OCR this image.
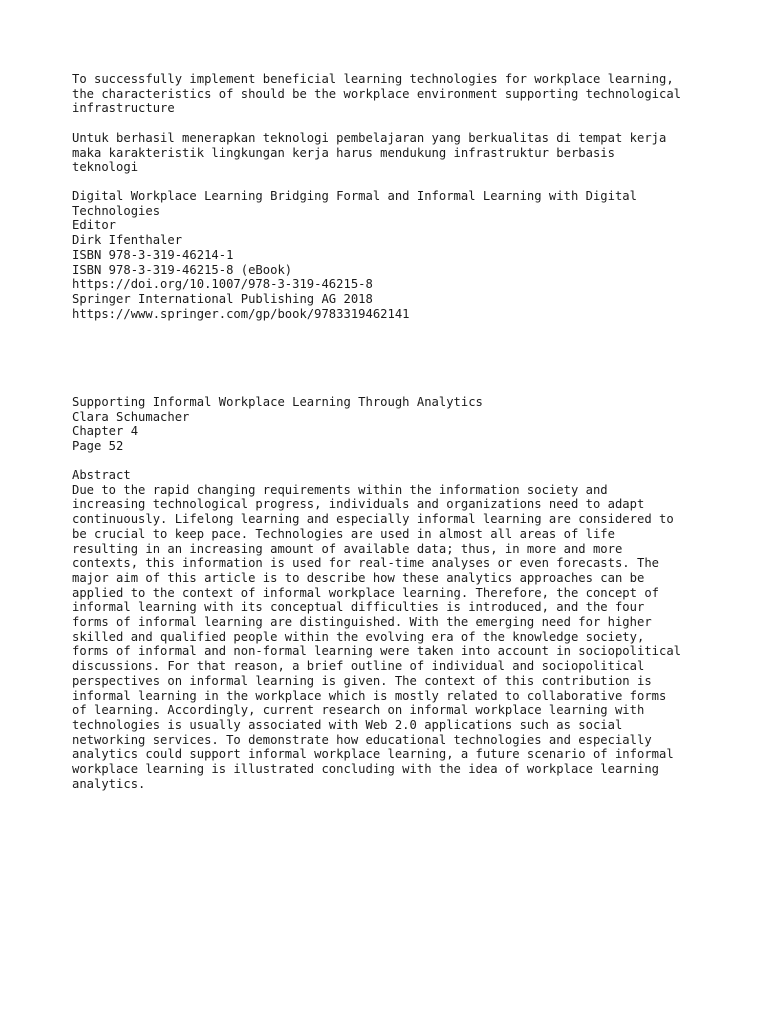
To successfully implement beneficial learning technologies for workplace learning,
the characteristics of should be the workplace environment supporting technological
infrastructure

Untuk berhasil menerapkan teknologi pembelajaran yang berkualitas di tempat kerja
maka karakteristik lingkungan kerja harus mendukung infrastruktur berbasis
teknologi

Digital Workplace Learning Bridging Formal and Informal Learning with Digital
Technologies
Editor
Dirk Ifenthaler
ISBN 978-3-319-46214-1
ISBN 978-3-319-46215-8 (eBook)
https://doi.org/10.1007/978-3-319-46215-8
Springer International Publishing AG 2018
https://www.springer.com/gp/book/9783319462141

Supporting Informal Workplace Learning Through Analytics
Clara Schumacher
Chapter 4
Page 52

Abstract
Due to the rapid changing requirements within the information society and
increasing technological progress, individuals and organizations need to adapt
continuously. Lifelong learning and especially informal learning are considered to
be crucial to keep pace. Technologies are used in almost all areas of life
resulting in an increasing amount of available data; thus, in more and more
contexts, this information is used for real-time analyses or even forecasts. The
major aim of this article is to describe how these analytics approaches can be
applied to the context of informal workplace learning. Therefore, the concept of
informal learning with its conceptual difficulties is introduced, and the four
forms of informal learning are distinguished. With the emerging need for higher
skilled and qualified people within the evolving era of the knowledge society,
forms of informal and non-formal learning were taken into account in sociopolitical
discussions. For that reason, a brief outline of individual and sociopolitical
perspectives on informal learning is given. The context of this contribution is
informal learning in the workplace which is mostly related to collaborative forms
of learning. Accordingly, current research on informal workplace learning with
technologies is usually associated with Web 2.0 applications such as social
networking services. To demonstrate how educational technologies and especially
analytics could support informal workplace learning, a future scenario of informal
workplace learning is illustrated concluding with the idea of workplace learning
analytics.
